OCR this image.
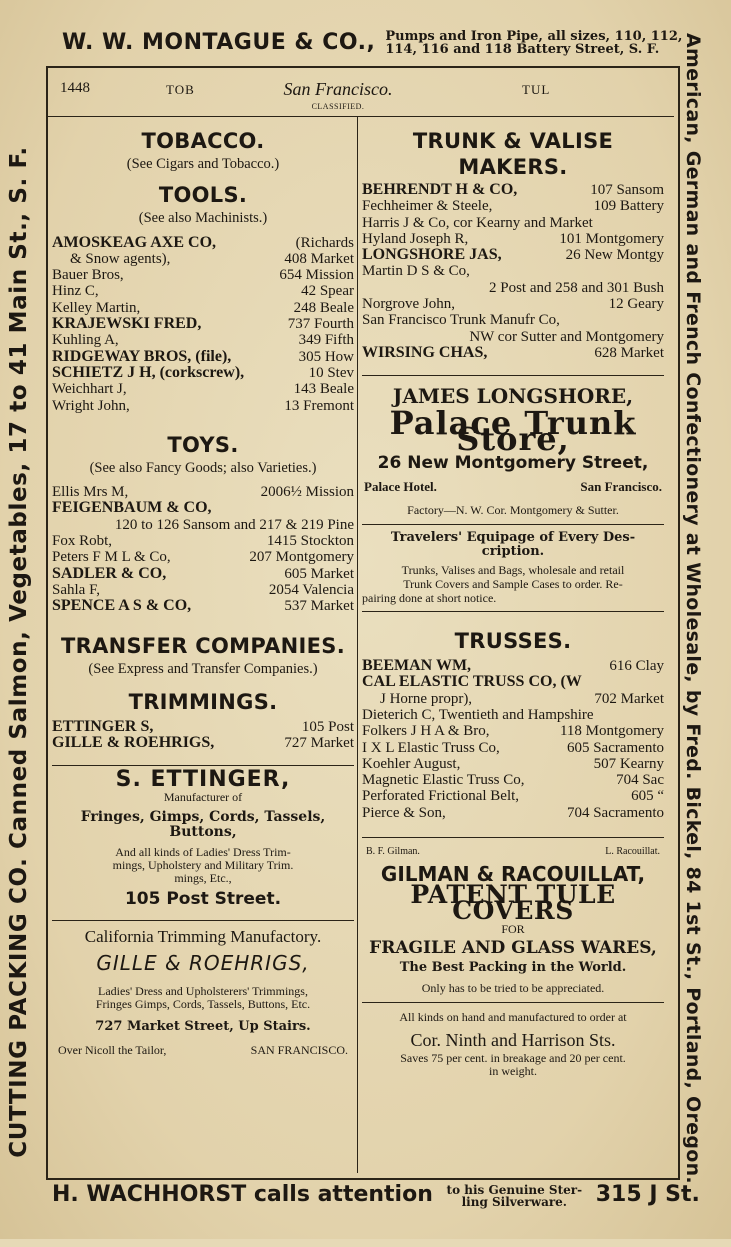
W. W. MONTAGUE & CO., Pumps and Iron Pipe, all sizes, 110, 112,
114, 116 and 118 Battery Street, S. F.
CUTTING PACKING CO. Canned Salmon, Vegetables, 17 to 41 Main St., S. F.	American, German and French Confectionery at Wholesale, by Fred. Bickel, 84 1st St., Portland, Oregon.
1448	TOB	San Francisco.	TUL
CLASSIFIED.
TOBACCO.
(See Cigars and Tobacco.)
TOOLS.
(See also Machinists.)
AMOSKEAG AXE CO,	(Richards
& Snow agents),	408 Market
Bauer Bros,	654 Mission
Hinz C,	42 Spear
Kelley Martin,	248 Beale
KRAJEWSKI FRED,	737 Fourth
Kuhling A,	349 Fifth
RIDGEWAY BROS, (file),	305 How
SCHIETZ J H, (corkscrew),	10 Stev
Weichhart J,	143 Beale
Wright John,	13 Fremont
TOYS.
(See also Fancy Goods; also Varieties.)
Ellis Mrs M,	2006½ Mission
FEIGENBAUM & CO,
120 to 126 Sansom and 217 & 219 Pine
Fox Robt,	1415 Stockton
Peters F M L & Co,	207 Montgomery
SADLER & CO,	605 Market
Sahla F,	2054 Valencia
SPENCE A S & CO,	537 Market
TRANSFER COMPANIES.
(See Express and Transfer Companies.)
TRIMMINGS.
ETTINGER S,	105 Post
GILLE & ROEHRIGS,	727 Market
S. ETTINGER,
Manufacturer of
Fringes, Gimps, Cords, Tassels,
Buttons,
And all kinds of Ladies' Dress Trim-
mings, Upholstery and Military Trim.
mings, Etc.,
105 Post Street.
California Trimming Manufactory.
GILLE & ROEHRIGS,
Ladies' Dress and Upholsterers' Trimmings,
Fringes Gimps, Cords, Tassels, Buttons, Etc.
727 Market Street, Up Stairs.
Over Nicoll the Tailor,	SAN FRANCISCO.
TRUNK & VALISE MAKERS.
BEHRENDT H & CO,	107 Sansom
Fechheimer & Steele,	109 Battery
Harris J & Co, cor Kearny and Market
Hyland Joseph R,	101 Montgomery
LONGSHORE JAS,	26 New Montgy
Martin D S & Co,
2 Post and 258 and 301 Bush
Norgrove John,	12 Geary
San Francisco Trunk Manufr Co,
NW cor Sutter and Montgomery
WIRSING CHAS,	628 Market
JAMES LONGSHORE,
Palace Trunk Store,
26 New Montgomery Street,
Palace Hotel.	San Francisco.
Factory—N. W. Cor. Montgomery & Sutter.
Travelers' Equipage of Every Des-
cription.
Trunks, Valises and Bags, wholesale and retail
Trunk Covers and Sample Cases to order. Re-
pairing done at short notice.
TRUSSES.
BEEMAN WM,	616 Clay
CAL ELASTIC TRUSS CO, (W
J Horne propr),	702 Market
Dieterich C, Twentieth and Hampshire
Folkers J H A & Bro,	118 Montgomery
I X L Elastic Truss Co,	605 Sacramento
Koehler August,	507 Kearny
Magnetic Elastic Truss Co,	704 Sac
Perforated Frictional Belt,	605 “
Pierce & Son,	704 Sacramento
B. F. Gilman.	L. Racouillat.
GILMAN & RACOUILLAT,
PATENT TULE COVERS
FOR
FRAGILE AND GLASS WARES,
The Best Packing in the World.
Only has to be tried to be appreciated.
All kinds on hand and manufactured to order at
Cor. Ninth and Harrison Sts.
Saves 75 per cent. in breakage and 20 per cent.
in weight.
H. WACHHORST calls attention to his Genuine Ster-
ling Silverware. 315 J St.
